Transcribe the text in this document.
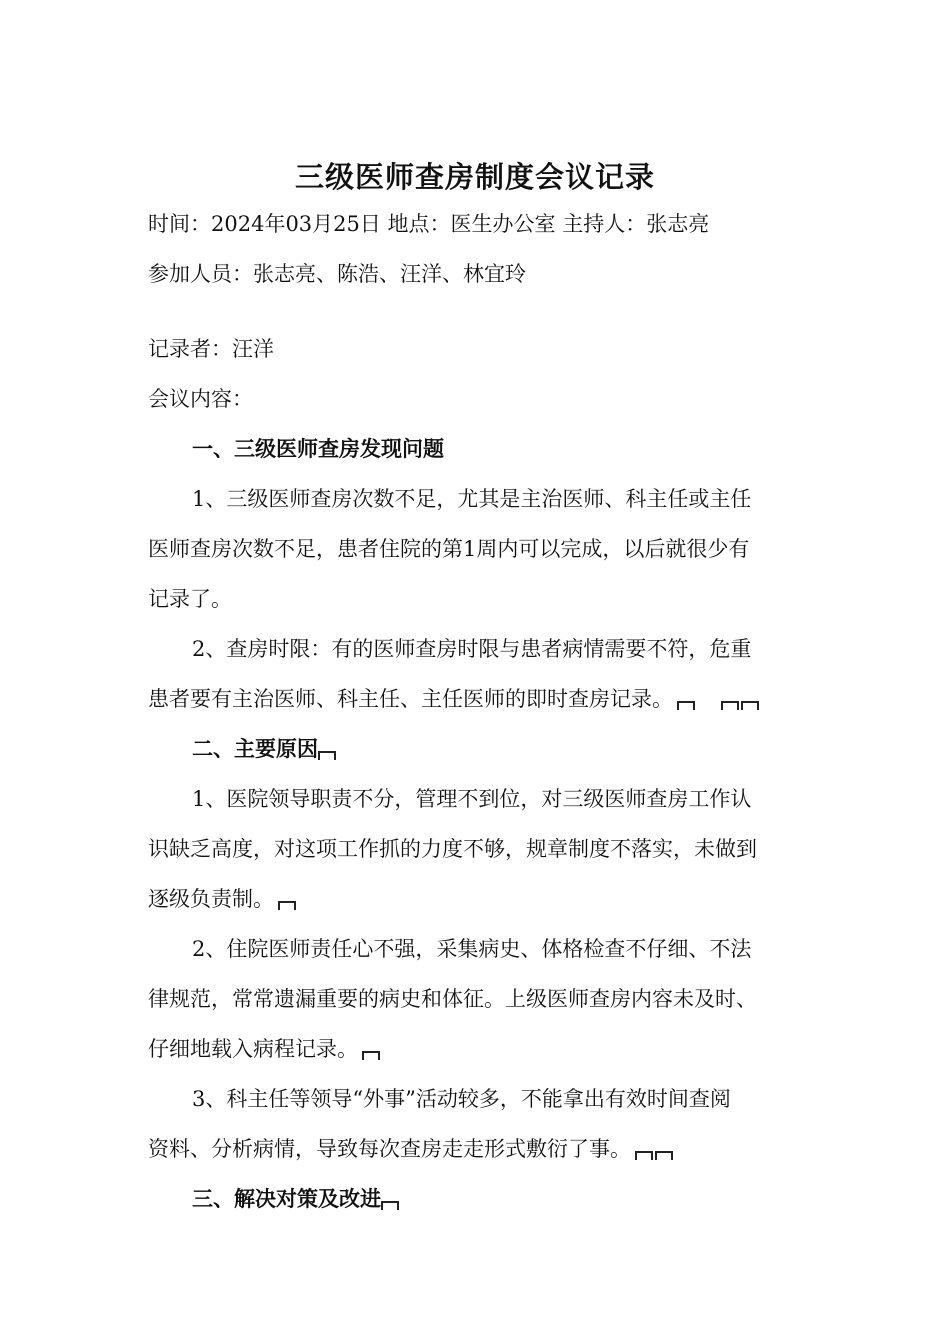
三级医师查房制度会议记录
时间：2024年03月25日 地点：医生办公室 主持人：张志亮
参加人员：张志亮、陈浩、汪洋、林宜玲
记录者：汪洋
会议内容：
一、三级医师查房发现问题
1、三级医师查房次数不足，尤其是主治医师、科主任或主任
医师查房次数不足，患者住院的第1周内可以完成，以后就很少有
记录了。
2、查房时限：有的医师查房时限与患者病情需要不符，危重
患者要有主治医师、科主任、主任医师的即时查房记录。
二、主要原因
1、医院领导职责不分，管理不到位，对三级医师查房工作认
识缺乏高度，对这项工作抓的力度不够，规章制度不落实，未做到
逐级负责制。
2、住院医师责任心不强，采集病史、体格检查不仔细、不法
律规范，常常遗漏重要的病史和体征。上级医师查房内容未及时、
仔细地载入病程记录。
3、科主任等领导“外事”活动较多，不能拿出有效时间查阅
资料、分析病情，导致每次查房走走形式敷衍了事。
三、解决对策及改进
